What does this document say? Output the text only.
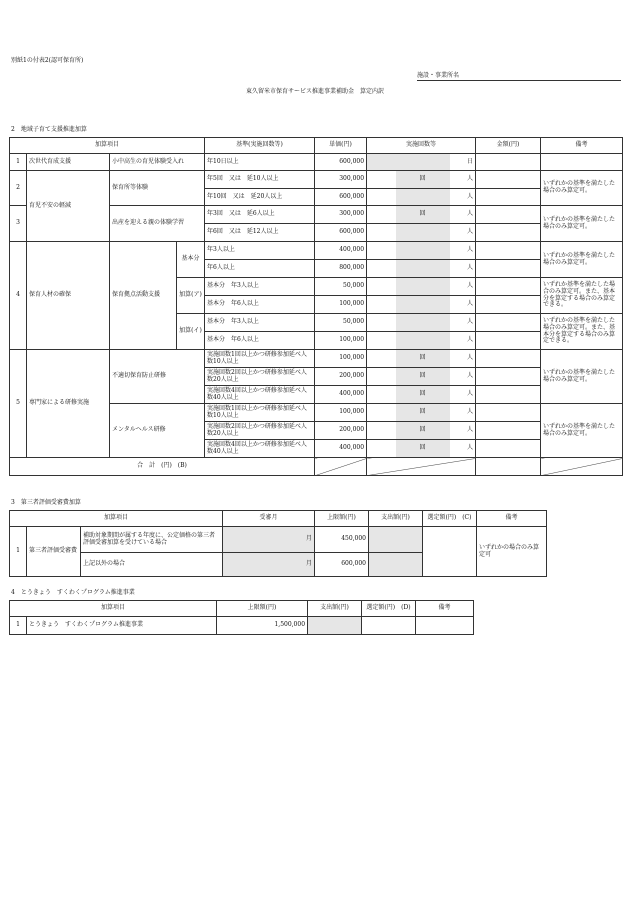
別紙1の付表2(認可保育所)
施設・事業所名
東久留米市保育サービス推進事業補助金　算定内訳
2　地域子育て支援推進加算
加算項目				基準(実施回数等)	単価(円)	実施回数等			金額(円)	備考
1	次世代育成支援	小中高生の育児体験受入れ		年10日以上	600,000			日		
2	育児不安の軽減	保育所等体験		年5回　又は　延10人以上	300,000		回	人		いずれかの基準を満たした場合のみ算定可。
				年10回　又は　延20人以上	600,000			人		
3		出産を迎える親の体験学習		年3回　又は　延6人以上	300,000		回	人		いずれかの基準を満たした場合のみ算定可。
				年6回　又は　延12人以上	600,000			人		
4	保育人材の確保	保育拠点活動支援	基本分	年3人以上	400,000			人		いずれかの基準を満たした場合のみ算定可。
				年6人以上	800,000			人		
			加算(ア)	基本分　年3人以上	50,000			人		いずれか基準を満たした場合のみ算定可。また、基本分を算定する場合のみ算定できる。
				基本分　年6人以上	100,000			人		
			加算(イ)	基本分　年3人以上	50,000			人		いずれかの基準を満たした場合のみ算定可。また、基本分を算定する場合のみ算定できる。
				基本分　年6人以上	100,000			人		
5	専門家による研修実施	不適切保育防止研修		実施回数1回以上かつ研修参加延べ人数10人以上	100,000		回	人		いずれかの基準を満たした場合のみ算定可。
				実施回数2回以上かつ研修参加延べ人数20人以上	200,000		回	人		
				実施回数4回以上かつ研修参加延べ人数40人以上	400,000		回	人		
		メンタルヘルス研修		実施回数1回以上かつ研修参加延べ人数10人以上	100,000		回	人		いずれかの基準を満たした場合のみ算定可。
				実施回数2回以上かつ研修参加延べ人数20人以上	200,000		回	人		
				実施回数4回以上かつ研修参加延べ人数40人以上	400,000		回	人		
合　計　(円)　(B)										
3　第三者評価受審費加算
加算項目			受審月	上限額(円)	支出額(円)	選定額(円)　(C)	備考
1	第三者評価受審費	補助対象期間が属する年度に、公定価格の第三者評価受審加算を受けている場合	月	450,000			いずれかの場合のみ算定可
		上記以外の場合	月	600,000			
4　とうきょう　すくわくプログラム推進事業
加算項目		上限額(円)	支出額(円)	選定額(円)　(D)	備考
1	とうきょう　すくわくプログラム推進事業	1,500,000			
